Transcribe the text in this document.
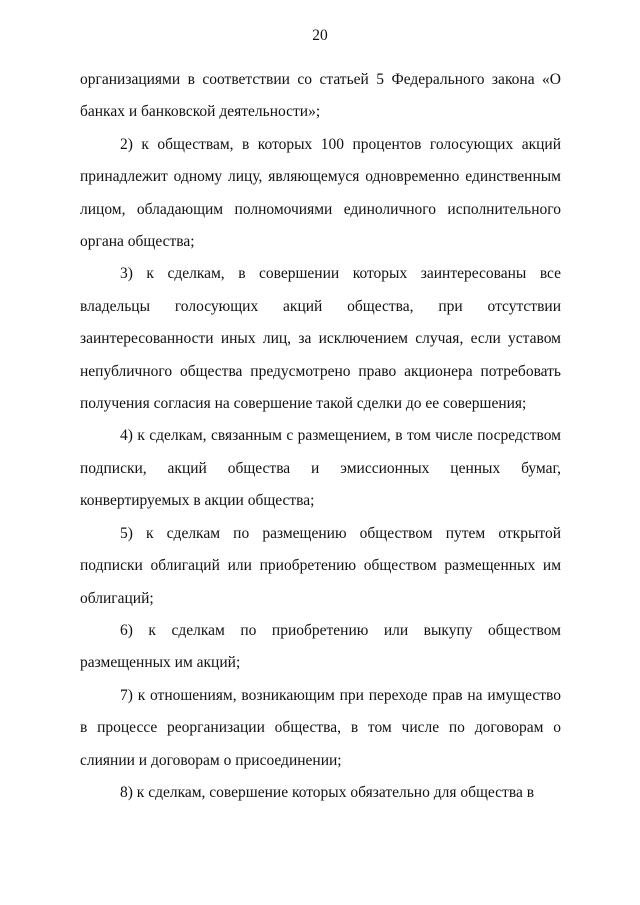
20

организациями в соответствии со статьей 5 Федерального закона «О банках и банковской деятельности»;

2) к обществам, в которых 100 процентов голосующих акций принадлежит одному лицу, являющемуся одновременно единственным лицом, обладающим полномочиями единоличного исполнительного органа общества;

3) к сделкам, в совершении которых заинтересованы все владельцы голосующих акций общества, при отсутствии заинтересованности иных лиц, за исключением случая, если уставом непубличного общества предусмотрено право акционера потребовать получения согласия на совершение такой сделки до ее совершения;

4) к сделкам, связанным с размещением, в том числе посредством подписки, акций общества и эмиссионных ценных бумаг, конвертируемых в акции общества;

5) к сделкам по размещению обществом путем открытой подписки облигаций или приобретению обществом размещенных им облигаций;

6) к сделкам по приобретению или выкупу обществом размещенных им акций;

7) к отношениям, возникающим при переходе прав на имущество в процессе реорганизации общества, в том числе по договорам о слиянии и договорам о присоединении;

8) к сделкам, совершение которых обязательно для общества в
